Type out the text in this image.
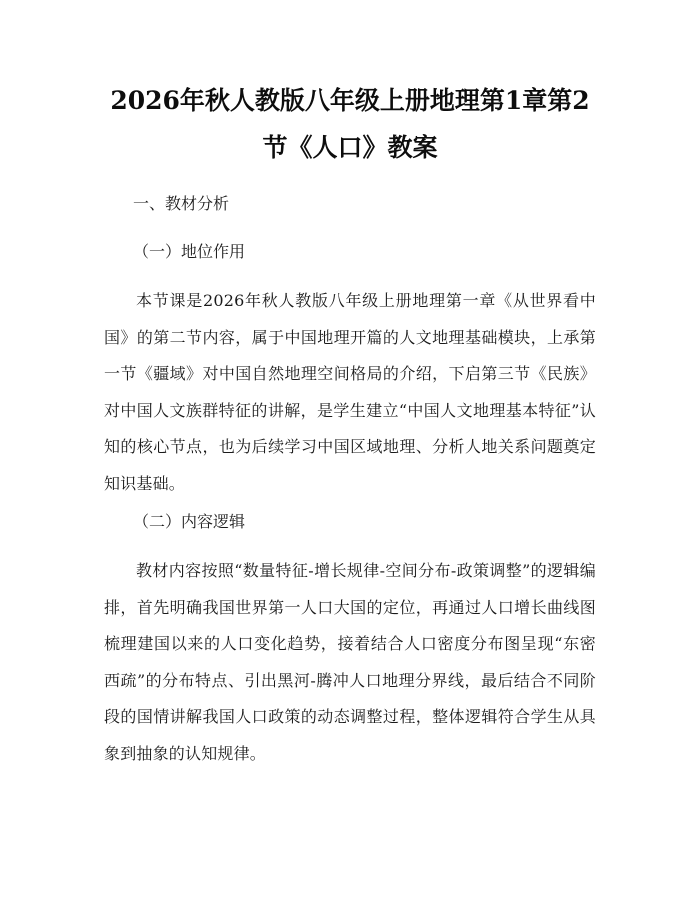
2026年秋人教版八年级上册地理第1章第2
节《人口》教案
一、教材分析
（一）地位作用

本节课是2026年秋人教版八年级上册地理第一章《从世界看中国》的第二节内容，属于中国地理开篇的人文地理基础模块，上承第一节《疆域》对中国自然地理空间格局的介绍，下启第三节《民族》对中国人文族群特征的讲解，是学生建立“中国人文地理基本特征”认知的核心节点，也为后续学习中国区域地理、分析人地关系问题奠定知识基础。

（二）内容逻辑

教材内容按照“数量特征-增长规律-空间分布-政策调整”的逻辑编排，首先明确我国世界第一人口大国的定位，再通过人口增长曲线图梳理建国以来的人口变化趋势，接着结合人口密度分布图呈现“东密西疏”的分布特点、引出黑河-腾冲人口地理分界线，最后结合不同阶段的国情讲解我国人口政策的动态调整过程，整体逻辑符合学生从具象到抽象的认知规律。
